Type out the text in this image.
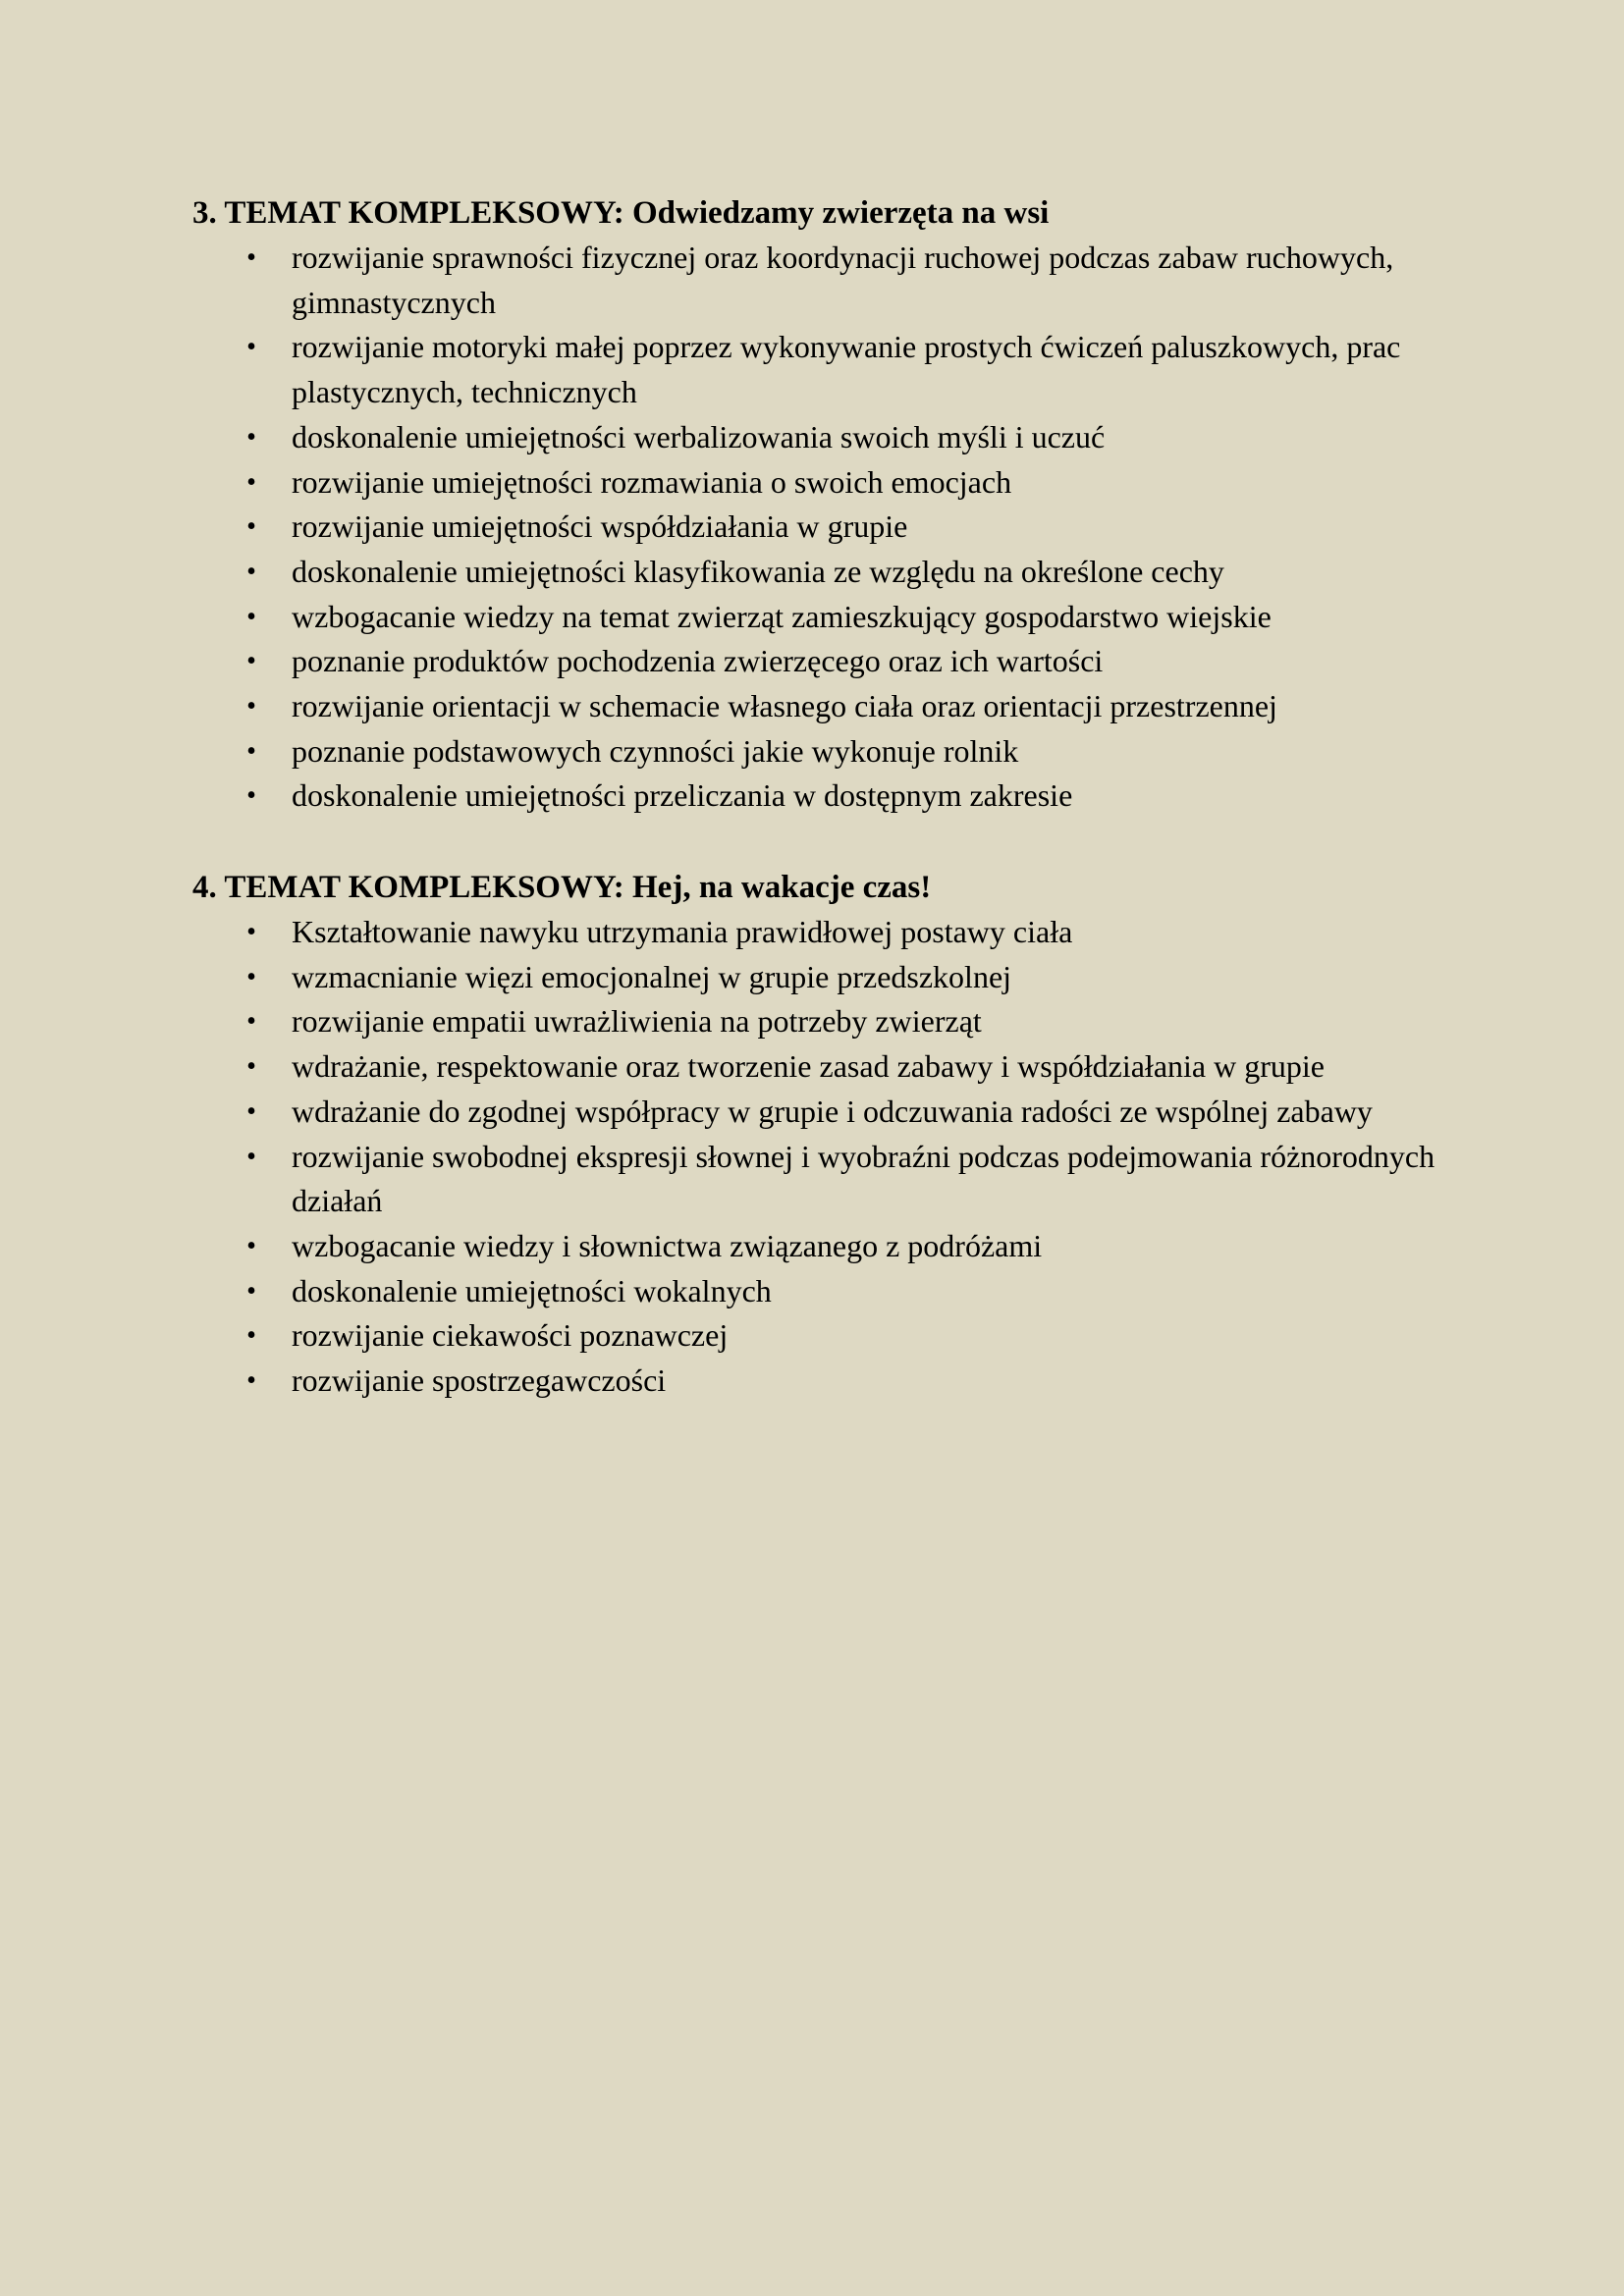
3. TEMAT KOMPLEKSOWY: Odwiedzamy zwierzęta na wsi

• rozwijanie sprawności fizycznej oraz koordynacji ruchowej podczas zabaw ruchowych, gimnastycznych
• rozwijanie motoryki małej poprzez wykonywanie prostych ćwiczeń paluszkowych, prac plastycznych, technicznych
• doskonalenie umiejętności werbalizowania swoich myśli i uczuć
• rozwijanie umiejętności rozmawiania o swoich emocjach
• rozwijanie umiejętności współdziałania w grupie
• doskonalenie umiejętności klasyfikowania ze względu na określone cechy
• wzbogacanie wiedzy na temat zwierząt zamieszkujący gospodarstwo wiejskie
• poznanie produktów pochodzenia zwierzęcego oraz ich wartości
• rozwijanie orientacji w schemacie własnego ciała oraz orientacji przestrzennej
• poznanie podstawowych czynności jakie wykonuje rolnik
• doskonalenie umiejętności przeliczania w dostępnym zakresie

4. TEMAT KOMPLEKSOWY: Hej, na wakacje czas!

• Kształtowanie nawyku utrzymania prawidłowej postawy ciała
• wzmacnianie więzi emocjonalnej w grupie przedszkolnej
• rozwijanie empatii uwrażliwienia na potrzeby zwierząt
• wdrażanie, respektowanie oraz tworzenie zasad zabawy i współdziałania w grupie
• wdrażanie do zgodnej współpracy w grupie i odczuwania radości ze wspólnej zabawy
• rozwijanie swobodnej ekspresji słownej i wyobraźni podczas podejmowania różnorodnych działań
• wzbogacanie wiedzy i słownictwa związanego z podróżami
• doskonalenie umiejętności wokalnych
• rozwijanie ciekawości poznawczej
• rozwijanie spostrzegawczości
